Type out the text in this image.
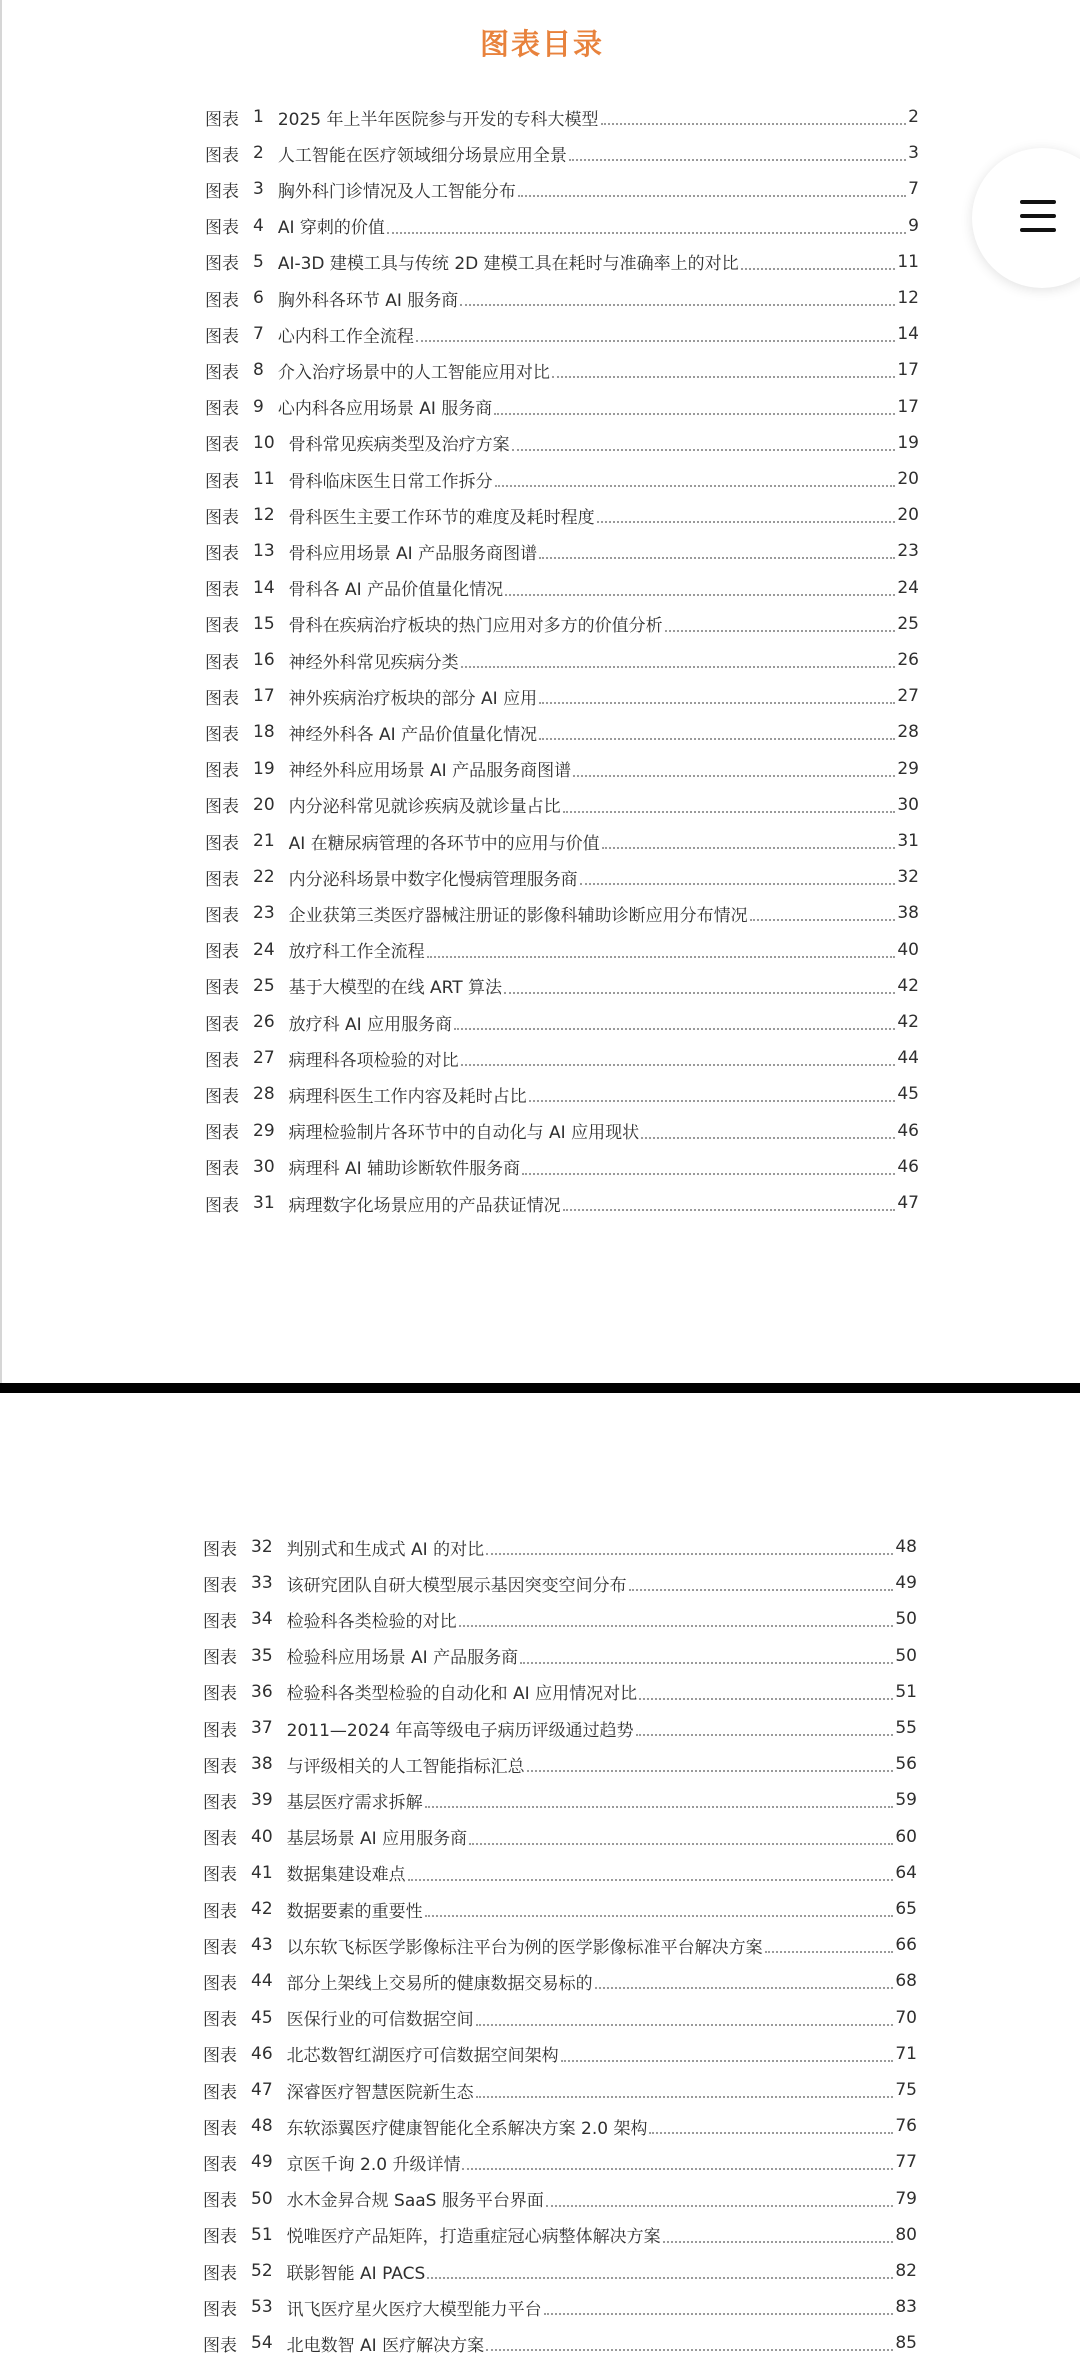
图表目录
图表 1 2025 年上半年医院参与开发的专科大模型	2
图表 2 人工智能在医疗领域细分场景应用全景	3
图表 3 胸外科门诊情况及人工智能分布	7
图表 4 AI 穿刺的价值	9
图表 5 AI-3D 建模工具与传统 2D 建模工具在耗时与准确率上的对比	11
图表 6 胸外科各环节 AI 服务商	12
图表 7 心内科工作全流程	14
图表 8 介入治疗场景中的人工智能应用对比	17
图表 9 心内科各应用场景 AI 服务商	17
图表 10 骨科常见疾病类型及治疗方案	19
图表 11 骨科临床医生日常工作拆分	20
图表 12 骨科医生主要工作环节的难度及耗时程度	20
图表 13 骨科应用场景 AI 产品服务商图谱	23
图表 14 骨科各 AI 产品价值量化情况	24
图表 15 骨科在疾病治疗板块的热门应用对多方的价值分析	25
图表 16 神经外科常见疾病分类	26
图表 17 神外疾病治疗板块的部分 AI 应用	27
图表 18 神经外科各 AI 产品价值量化情况	28
图表 19 神经外科应用场景 AI 产品服务商图谱	29
图表 20 内分泌科常见就诊疾病及就诊量占比	30
图表 21 AI 在糖尿病管理的各环节中的应用与价值	31
图表 22 内分泌科场景中数字化慢病管理服务商	32
图表 23 企业获第三类医疗器械注册证的影像科辅助诊断应用分布情况	38
图表 24 放疗科工作全流程	40
图表 25 基于大模型的在线 ART 算法	42
图表 26 放疗科 AI 应用服务商	42
图表 27 病理科各项检验的对比	44
图表 28 病理科医生工作内容及耗时占比	45
图表 29 病理检验制片各环节中的自动化与 AI 应用现状	46
图表 30 病理科 AI 辅助诊断软件服务商	46
图表 31 病理数字化场景应用的产品获证情况	47
图表 32 判别式和生成式 AI 的对比	48
图表 33 该研究团队自研大模型展示基因突变空间分布	49
图表 34 检验科各类检验的对比	50
图表 35 检验科应用场景 AI 产品服务商	50
图表 36 检验科各类型检验的自动化和 AI 应用情况对比	51
图表 37 2011—2024 年高等级电子病历评级通过趋势	55
图表 38 与评级相关的人工智能指标汇总	56
图表 39 基层医疗需求拆解	59
图表 40 基层场景 AI 应用服务商	60
图表 41 数据集建设难点	64
图表 42 数据要素的重要性	65
图表 43 以东软飞标医学影像标注平台为例的医学影像标准平台解决方案	66
图表 44 部分上架线上交易所的健康数据交易标的	68
图表 45 医保行业的可信数据空间	70
图表 46 北芯数智红湖医疗可信数据空间架构	71
图表 47 深睿医疗智慧医院新生态	75
图表 48 东软添翼医疗健康智能化全系解决方案 2.0 架构	76
图表 49 京医千询 2.0 升级详情	77
图表 50 水木金昇合规 SaaS 服务平台界面	79
图表 51 悦唯医疗产品矩阵，打造重症冠心病整体解决方案	80
图表 52 联影智能 AI PACS	82
图表 53 讯飞医疗星火医疗大模型能力平台	83
图表 54 北电数智 AI 医疗解决方案	85
